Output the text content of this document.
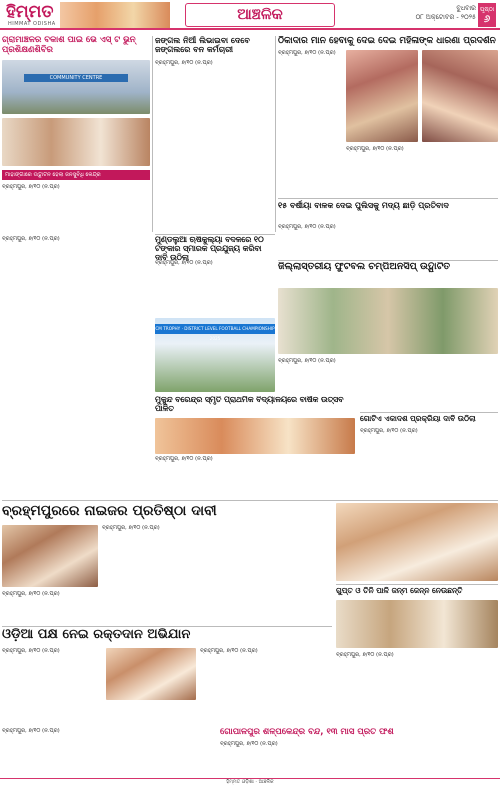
ହିମ୍ମତ
HIMMAT ODISHA
ଆଞ୍ଚଳିକ	ବୁଧବାର
୦୮ ଅକ୍ଟୋବର - ୨୦୨୫
ପୃଷ୍ଠା
୬
ଗ୍ରାମାଞ୍ଚଳର ବିକାଶ ପାଇଁ ଭେ ଏସ୍ ଟି ଭୁନ୍ ପ୍ରଶିକ୍ଷଣଶିବିର
COMMUNITY CENTRE
ମାହାଙ୍ଗାରେ ଉଦ୍ଘାଟନ ହେଲା ଜନସୁବିଧି କେନ୍ଦ୍ର
ବ୍ରହ୍ମପୁର, ୭/୧୦ (ନି.ପ୍ର)
ଜଙ୍ଗଲ ନିଆଁ ଲିଭାଇବା ଦେବେ ଜଙ୍ଗଲରେ ବନ କର୍ମଚାରୀ
ବ୍ରହ୍ମପୁର, ୭/୧୦ (ନି.ପ୍ର)
ଠିକାଦାର ମାନ ହେବାକୁ ଦେଇ ଦେଇ ମହିଳାଙ୍କ ଧାରଣା ପ୍ରଦର୍ଶନ
ବ୍ରହ୍ମପୁର, ୭/୧୦ (ନି.ପ୍ର)
ବ୍ରହ୍ମପୁର, ୭/୧୦ (ନି.ପ୍ର)
୧୫ ବର୍ଷୀୟା ବାଳକ ଦେଇ ପୁଲିସକୁ ମଦ୍ୟ ଛାଡ଼ି ପ୍ରତିବାଦ
ବ୍ରହ୍ମପୁର, ୭/୧୦ (ନି.ପ୍ର)
ମୁଣ୍ଡଲୁଆ ଋଷିକୁଲ୍ୟା ବଦଳରେ ୧୦ ଟଙ୍କାର ସ୍ମାରକ ପ୍ରଯୁଜ୍ୟ କରିବା ଦାବି ଉଠିଲା
ବ୍ରହ୍ମପୁର, ୭/୧୦ (ନି.ପ୍ର)
ବ୍ରହ୍ମପୁର, ୭/୧୦ (ନି.ପ୍ର)
CM TROPHY · DISTRICT LEVEL FOOTBALL CHAMPIONSHIP 2025
ଜିଲ୍ଲାସ୍ତରୀୟ ଫୁଟବଲ ଚମ୍ପିଅନସିପ୍ ଉଦ୍ଘାଟିତ
ବ୍ରହ୍ମପୁର, ୭/୧୦ (ନି.ପ୍ର)
ବ୍ରହ୍ମପୁରରେ ନାଇଜର ପ୍ରତିଷ୍ଠା ଦାବୀ
ବ୍ରହ୍ମପୁର, ୭/୧୦ (ନି.ପ୍ର)
ବ୍ରହ୍ମପୁର, ୭/୧୦ (ନି.ପ୍ର)
ମୁକୁନ୍ଦ ବରେନ୍ଦ୍ର ସ୍ମୃତି ପ୍ରାଥମିକ ବିଦ୍ୟାଳୟରେ ବାର୍ଷିକ ଉତ୍ସବ ପାଳିତ
ବ୍ରହ୍ମପୁର, ୭/୧୦ (ନି.ପ୍ର)
ଗୋଟିଏ ଏକାଦଶ ପ୍ରକ୍ରିୟା ଦାବି ଉଠିଲା
ବ୍ରହ୍ମପୁର, ୭/୧୦ (ନି.ପ୍ର)
ଗୁପ୍ତ ଓ ତିନି ପାଳି ଜନ୍ମ ଜେନ୍ନ ନେଉଛନ୍ତି
ବ୍ରହ୍ମପୁର, ୭/୧୦ (ନି.ପ୍ର)
ଓଡ଼ିଆ ପକ୍ଷ ନେଇ ରକ୍ତଦାନ ଅଭିଯାନ
ବ୍ରହ୍ମପୁର, ୭/୧୦ (ନି.ପ୍ର)	ବ୍ରହ୍ମପୁର, ୭/୧୦ (ନି.ପ୍ର)
ଗୋପାଳପୁର ଶିଳ୍ପକେନ୍ଦ୍ର ବନ୍ଦ, ୧୩ ମାସ ପ୍ରତି ଫିଶ
ବ୍ରହ୍ମପୁର, ୭/୧୦ (ନି.ପ୍ର)
ବ୍ରହ୍ମପୁର, ୭/୧୦ (ନି.ପ୍ର)
ହିମ୍ମତ ଓଡ଼ିଶା · ଆଞ୍ଚଳିକ
